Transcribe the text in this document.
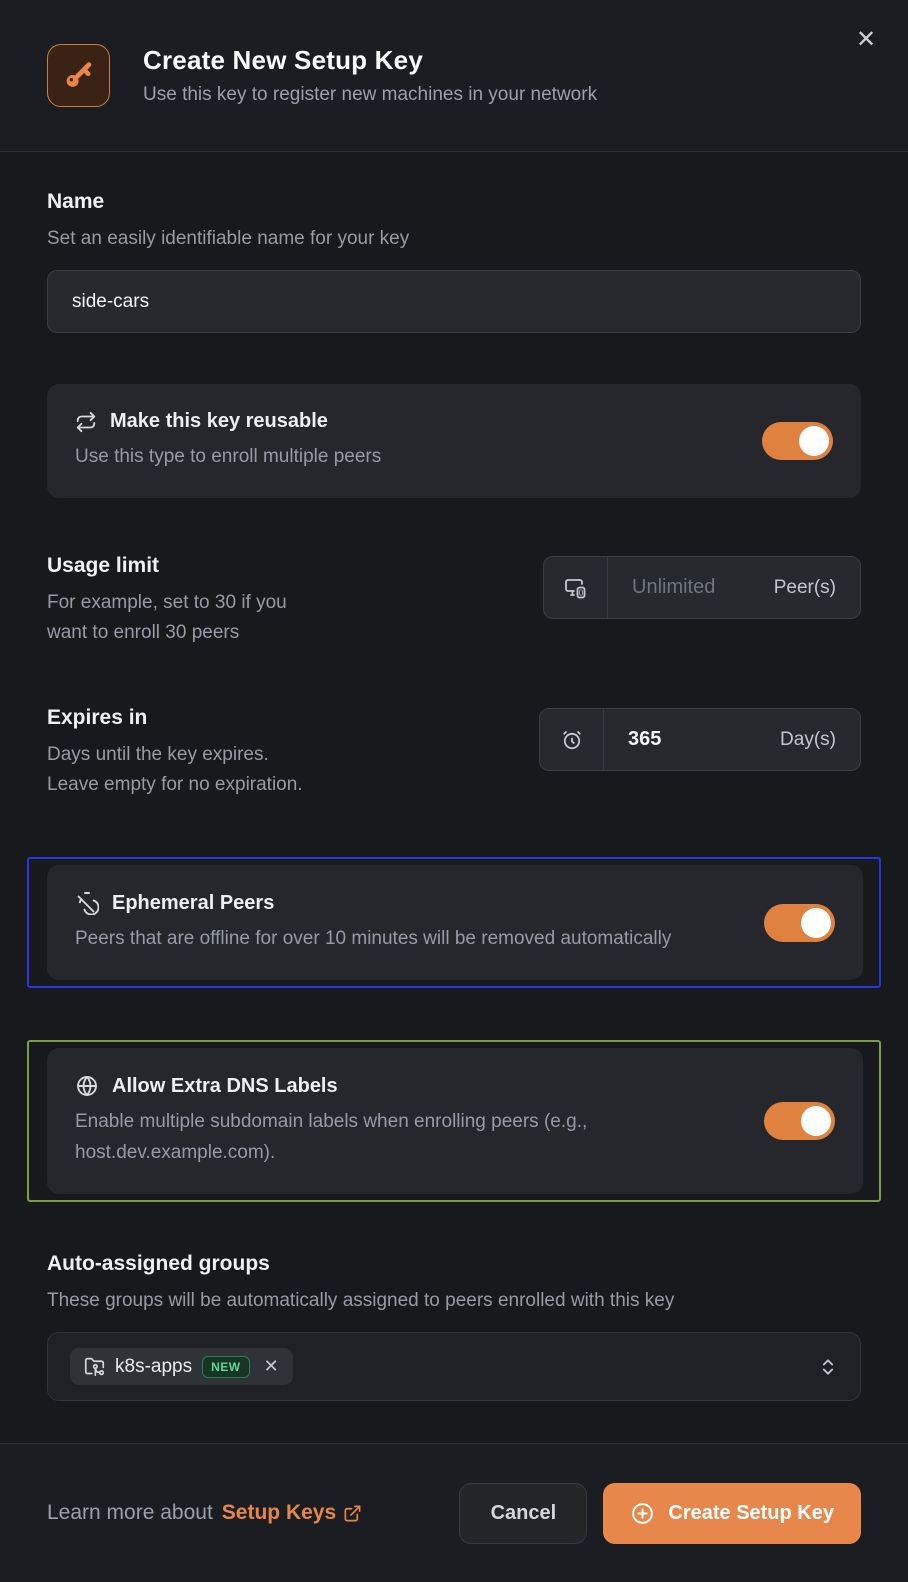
Create New Setup Key
Use this key to register new machines in your network
✕
Name
Set an easily identifiable name for your key
side-cars
Make this key reusable
Use this type to enroll multiple peers
Usage limit
For example, set to 30 if you
want to enroll 30 peers
0 Unlimited	Peer(s)
Expires in
Days until the key expires.
Leave empty for no expiration.
365	Day(s)
Ephemeral Peers
Peers that are offline for over 10 minutes will be removed automatically
Allow Extra DNS Labels
Enable multiple subdomain labels when enrolling peers (e.g., host.dev.example.com).
Auto-assigned groups
These groups will be automatically assigned to peers enrolled with this key
k8s-apps	NEW	✕
Learn more about Setup Keys	Cancel	Create Setup Key
